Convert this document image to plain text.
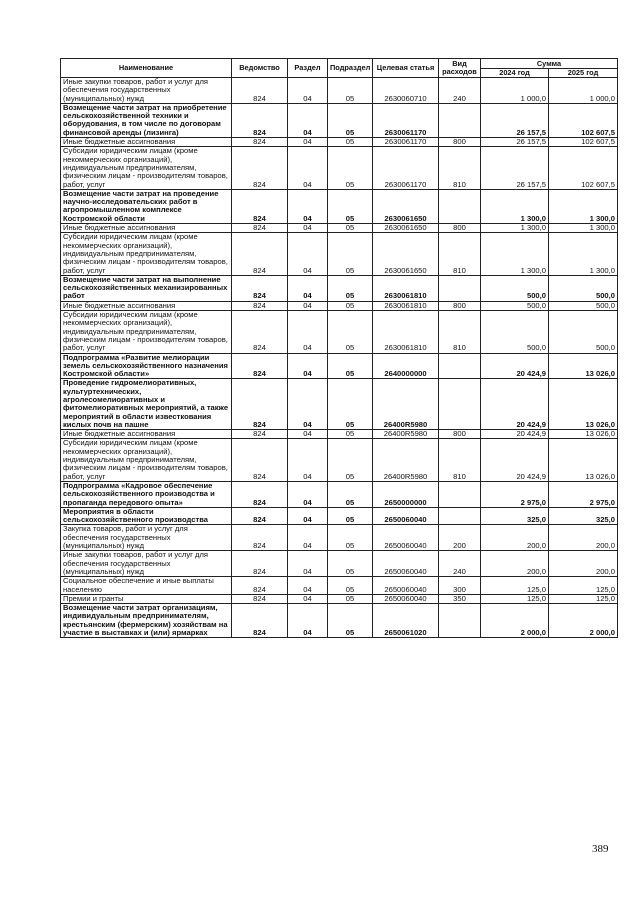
Наименование	Ведомство	Раздел	Подраздел	Целевая статья	Вид расходов	Сумма	
						2024 год	2025 год
Иные закупки товаров, работ и услуг для обеспечения государственных (муниципальных) нужд	824	04	05	2630060710	240	1 000,0	1 000,0
Возмещение части затрат на приобретение сельскохозяйственной техники и оборудования, в том числе по договорам финансовой аренды (лизинга)	824	04	05	2630061170		26 157,5	102 607,5
Иные бюджетные ассигнования	824	04	05	2630061170	800	26 157,5	102 607,5
Субсидии юридическим лицам (кроме некоммерческих организаций), индивидуальным предпринимателям, физическим лицам - производителям товаров, работ, услуг	824	04	05	2630061170	810	26 157,5	102 607,5
Возмещение части затрат на проведение научно-исследовательских работ в агропромышленном комплексе Костромской области	824	04	05	2630061650		1 300,0	1 300,0
Иные бюджетные ассигнования	824	04	05	2630061650	800	1 300,0	1 300,0
Субсидии юридическим лицам (кроме некоммерческих организаций), индивидуальным предпринимателям, физическим лицам - производителям товаров, работ, услуг	824	04	05	2630061650	810	1 300,0	1 300,0
Возмещение части затрат на выполнение сельскохозяйственных механизированных работ	824	04	05	2630061810		500,0	500,0
Иные бюджетные ассигнования	824	04	05	2630061810	800	500,0	500,0
Субсидии юридическим лицам (кроме некоммерческих организаций), индивидуальным предпринимателям, физическим лицам - производителям товаров, работ, услуг	824	04	05	2630061810	810	500,0	500,0
Подпрограмма «Развитие мелиорации земель сельскохозяйственного назначения Костромской области»	824	04	05	2640000000		20 424,9	13 026,0
Проведение гидромелиоративных, культуртехнических, агролесомелиоративных и фитомелиоративных мероприятий, а также мероприятий в области известкования кислых почв на пашне	824	04	05	26400R5980		20 424,9	13 026,0
Иные бюджетные ассигнования	824	04	05	26400R5980	800	20 424,9	13 026,0
Субсидии юридическим лицам (кроме некоммерческих организаций), индивидуальным предпринимателям, физическим лицам - производителям товаров, работ, услуг	824	04	05	26400R5980	810	20 424,9	13 026,0
Подпрограмма «Кадровое обеспечение сельскохозяйственного производства и пропаганда передового опыта»	824	04	05	2650000000		2 975,0	2 975,0
Мероприятия в области сельскохозяйственного производства	824	04	05	2650060040		325,0	325,0
Закупка товаров, работ и услуг для обеспечения государственных (муниципальных) нужд	824	04	05	2650060040	200	200,0	200,0
Иные закупки товаров, работ и услуг для обеспечения государственных (муниципальных) нужд	824	04	05	2650060040	240	200,0	200,0
Социальное обеспечение и иные выплаты населению	824	04	05	2650060040	300	125,0	125,0
Премии и гранты	824	04	05	2650060040	350	125,0	125,0
Возмещение части затрат организациям, индивидуальным предпринимателям, крестьянским (фермерским) хозяйствам на участие в выставках и (или) ярмарках	824	04	05	2650061020		2 000,0	2 000,0
389
